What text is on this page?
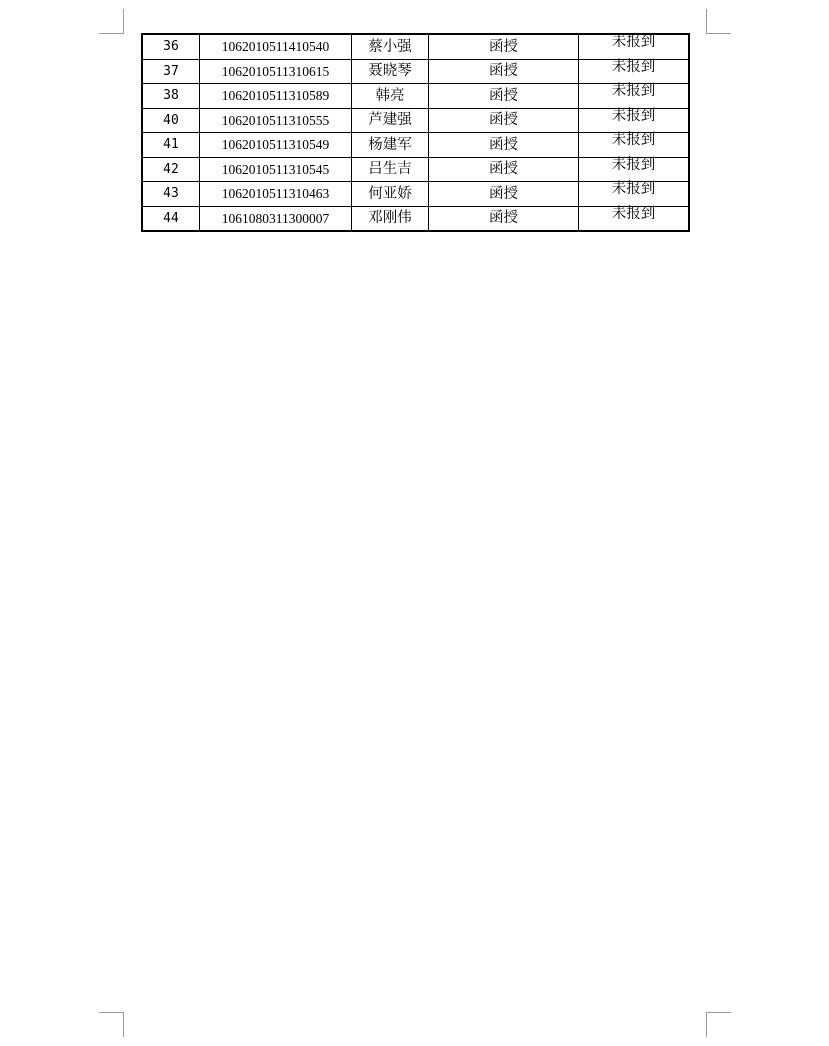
36	1062010511410540	蔡小强	函授	未报到
37	1062010511310615	聂晓琴	函授	未报到
38	1062010511310589	韩亮	函授	未报到
40	1062010511310555	芦建强	函授	未报到
41	1062010511310549	杨建军	函授	未报到
42	1062010511310545	吕生吉	函授	未报到
43	1062010511310463	何亚娇	函授	未报到
44	1061080311300007	邓刚伟	函授	未报到
